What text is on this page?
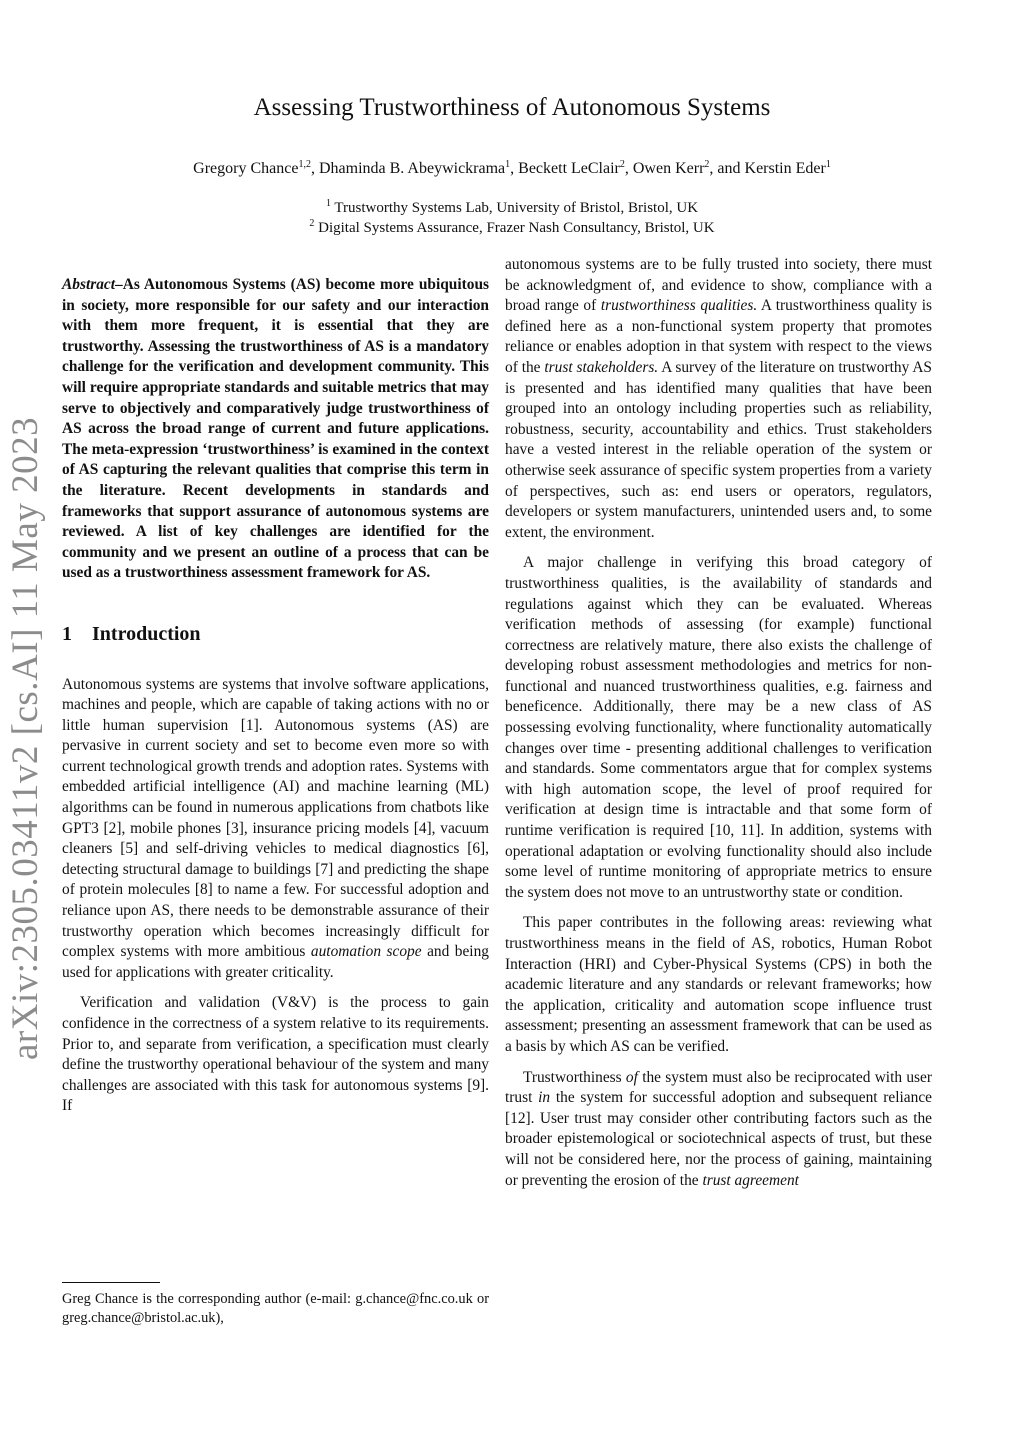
arXiv:2305.03411v2 [cs.AI] 11 May 2023
Assessing Trustworthiness of Autonomous Systems
Gregory Chance$^{1,2}$, Dhaminda B. Abeywickrama$^1$, Beckett LeClair$^2$, Owen Kerr$^2$, and Kerstin Eder$^1$
$^1$ Trustworthy Systems Lab, University of Bristol, Bristol, UK
$^2$ Digital Systems Assurance, Frazer Nash Consultancy, Bristol, UK

Abstract–As Autonomous Systems (AS) become more ubiquitous in society, more responsible for our safety and our interaction with them more frequent, it is essential that they are trustworthy. Assessing the trustworthiness of AS is a mandatory challenge for the verification and development community. This will require appropriate standards and suitable metrics that may serve to objectively and comparatively judge trustworthiness of AS across the broad range of current and future applications. The meta-expression ‘trustworthiness’ is examined in the context of AS capturing the relevant qualities that comprise this term in the literature. Recent developments in standards and frameworks that support assurance of autonomous systems are reviewed. A list of key challenges are identified for the community and we present an outline of a process that can be used as a trustworthiness assessment framework for AS.

1 Introduction

Autonomous systems are systems that involve software applications, machines and people, which are capable of taking actions with no or little human supervision [1]. Autonomous systems (AS) are pervasive in current society and set to become even more so with current technological growth trends and adoption rates. Systems with embedded artificial intelligence (AI) and machine learning (ML) algorithms can be found in numerous applications from chatbots like GPT3 [2], mobile phones [3], insurance pricing models [4], vacuum cleaners [5] and self-driving vehicles to medical diagnostics [6], detecting structural damage to buildings [7] and predicting the shape of protein molecules [8] to name a few. For successful adoption and reliance upon AS, there needs to be demonstrable assurance of their trustworthy operation which becomes increasingly difficult for complex systems with more ambitious automation scope and being used for applications with greater criticality.

Verification and validation (V&V) is the process to gain confidence in the correctness of a system relative to its requirements. Prior to, and separate from verification, a specification must clearly define the trustworthy operational behaviour of the system and many challenges are associated with this task for autonomous systems [9]. If

Greg Chance is the corresponding author (e-mail: g.chance@fnc.co.uk or greg.chance@bristol.ac.uk),

autonomous systems are to be fully trusted into society, there must be acknowledgment of, and evidence to show, compliance with a broad range of trustworthiness qualities. A trustworthiness quality is defined here as a non-functional system property that promotes reliance or enables adoption in that system with respect to the views of the trust stakeholders. A survey of the literature on trustworthy AS is presented and has identified many qualities that have been grouped into an ontology including properties such as reliability, robustness, security, accountability and ethics. Trust stakeholders have a vested interest in the reliable operation of the system or otherwise seek assurance of specific system properties from a variety of perspectives, such as: end users or operators, regulators, developers or system manufacturers, unintended users and, to some extent, the environment.

A major challenge in verifying this broad category of trustworthiness qualities, is the availability of standards and regulations against which they can be evaluated. Whereas verification methods of assessing (for example) functional correctness are relatively mature, there also exists the challenge of developing robust assessment methodologies and metrics for non-functional and nuanced trustworthiness qualities, e.g. fairness and beneficence. Additionally, there may be a new class of AS possessing evolving functionality, where functionality automatically changes over time - presenting additional challenges to verification and standards. Some commentators argue that for complex systems with high automation scope, the level of proof required for verification at design time is intractable and that some form of runtime verification is required [10, 11]. In addition, systems with operational adaptation or evolving functionality should also include some level of runtime monitoring of appropriate metrics to ensure the system does not move to an untrustworthy state or condition.

This paper contributes in the following areas: reviewing what trustworthiness means in the field of AS, robotics, Human Robot Interaction (HRI) and Cyber-Physical Systems (CPS) in both the academic literature and any standards or relevant frameworks; how the application, criticality and automation scope influence trust assessment; presenting an assessment framework that can be used as a basis by which AS can be verified.

Trustworthiness of the system must also be reciprocated with user trust in the system for successful adoption and subsequent reliance [12]. User trust may consider other contributing factors such as the broader epistemological or sociotechnical aspects of trust, but these will not be considered here, nor the process of gaining, maintaining or preventing the erosion of the trust agreement
